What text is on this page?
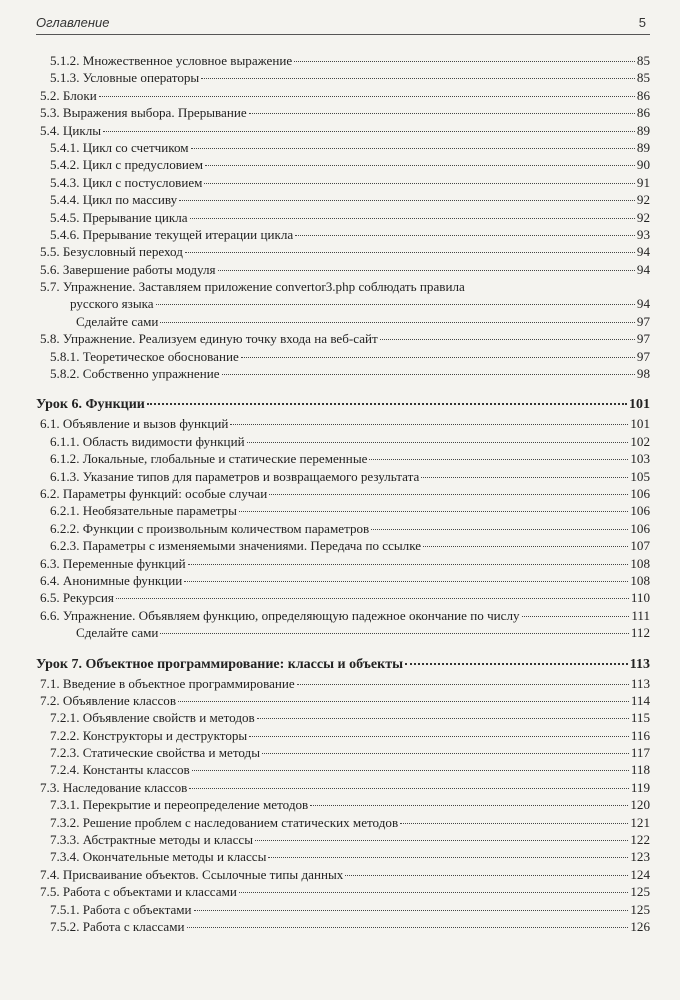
Оглавление	5
5.1.2. Множественное условное выражение	85
5.1.3. Условные операторы	85
5.2. Блоки	86
5.3. Выражения выбора. Прерывание	86
5.4. Циклы	89
5.4.1. Цикл со счетчиком	89
5.4.2. Цикл с предусловием	90
5.4.3. Цикл с постусловием	91
5.4.4. Цикл по массиву	92
5.4.5. Прерывание цикла	92
5.4.6. Прерывание текущей итерации цикла	93
5.5. Безусловный переход	94
5.6. Завершение работы модуля	94
5.7. Упражнение. Заставляем приложение convertor3.php соблюдать правила
русского языка	94
Сделайте сами	97
5.8. Упражнение. Реализуем единую точку входа на веб-сайт	97
5.8.1. Теоретическое обоснование	97
5.8.2. Собственно упражнение	98
Урок 6. Функции	101
6.1. Объявление и вызов функций	101
6.1.1. Область видимости функций	102
6.1.2. Локальные, глобальные и статические переменные	103
6.1.3. Указание типов для параметров и возвращаемого результата	105
6.2. Параметры функций: особые случаи	106
6.2.1. Необязательные параметры	106
6.2.2. Функции с произвольным количеством параметров	106
6.2.3. Параметры с изменяемыми значениями. Передача по ссылке	107
6.3. Переменные функций	108
6.4. Анонимные функции	108
6.5. Рекурсия	110
6.6. Упражнение. Объявляем функцию, определяющую падежное окончание по числу	111
Сделайте сами	112
Урок 7. Объектное программирование: классы и объекты	113
7.1. Введение в объектное программирование	113
7.2. Объявление классов	114
7.2.1. Объявление свойств и методов	115
7.2.2. Конструкторы и деструкторы	116
7.2.3. Статические свойства и методы	117
7.2.4. Константы классов	118
7.3. Наследование классов	119
7.3.1. Перекрытие и переопределение методов	120
7.3.2. Решение проблем с наследованием статических методов	121
7.3.3. Абстрактные методы и классы	122
7.3.4. Окончательные методы и классы	123
7.4. Присваивание объектов. Ссылочные типы данных	124
7.5. Работа с объектами и классами	125
7.5.1. Работа с объектами	125
7.5.2. Работа с классами	126
